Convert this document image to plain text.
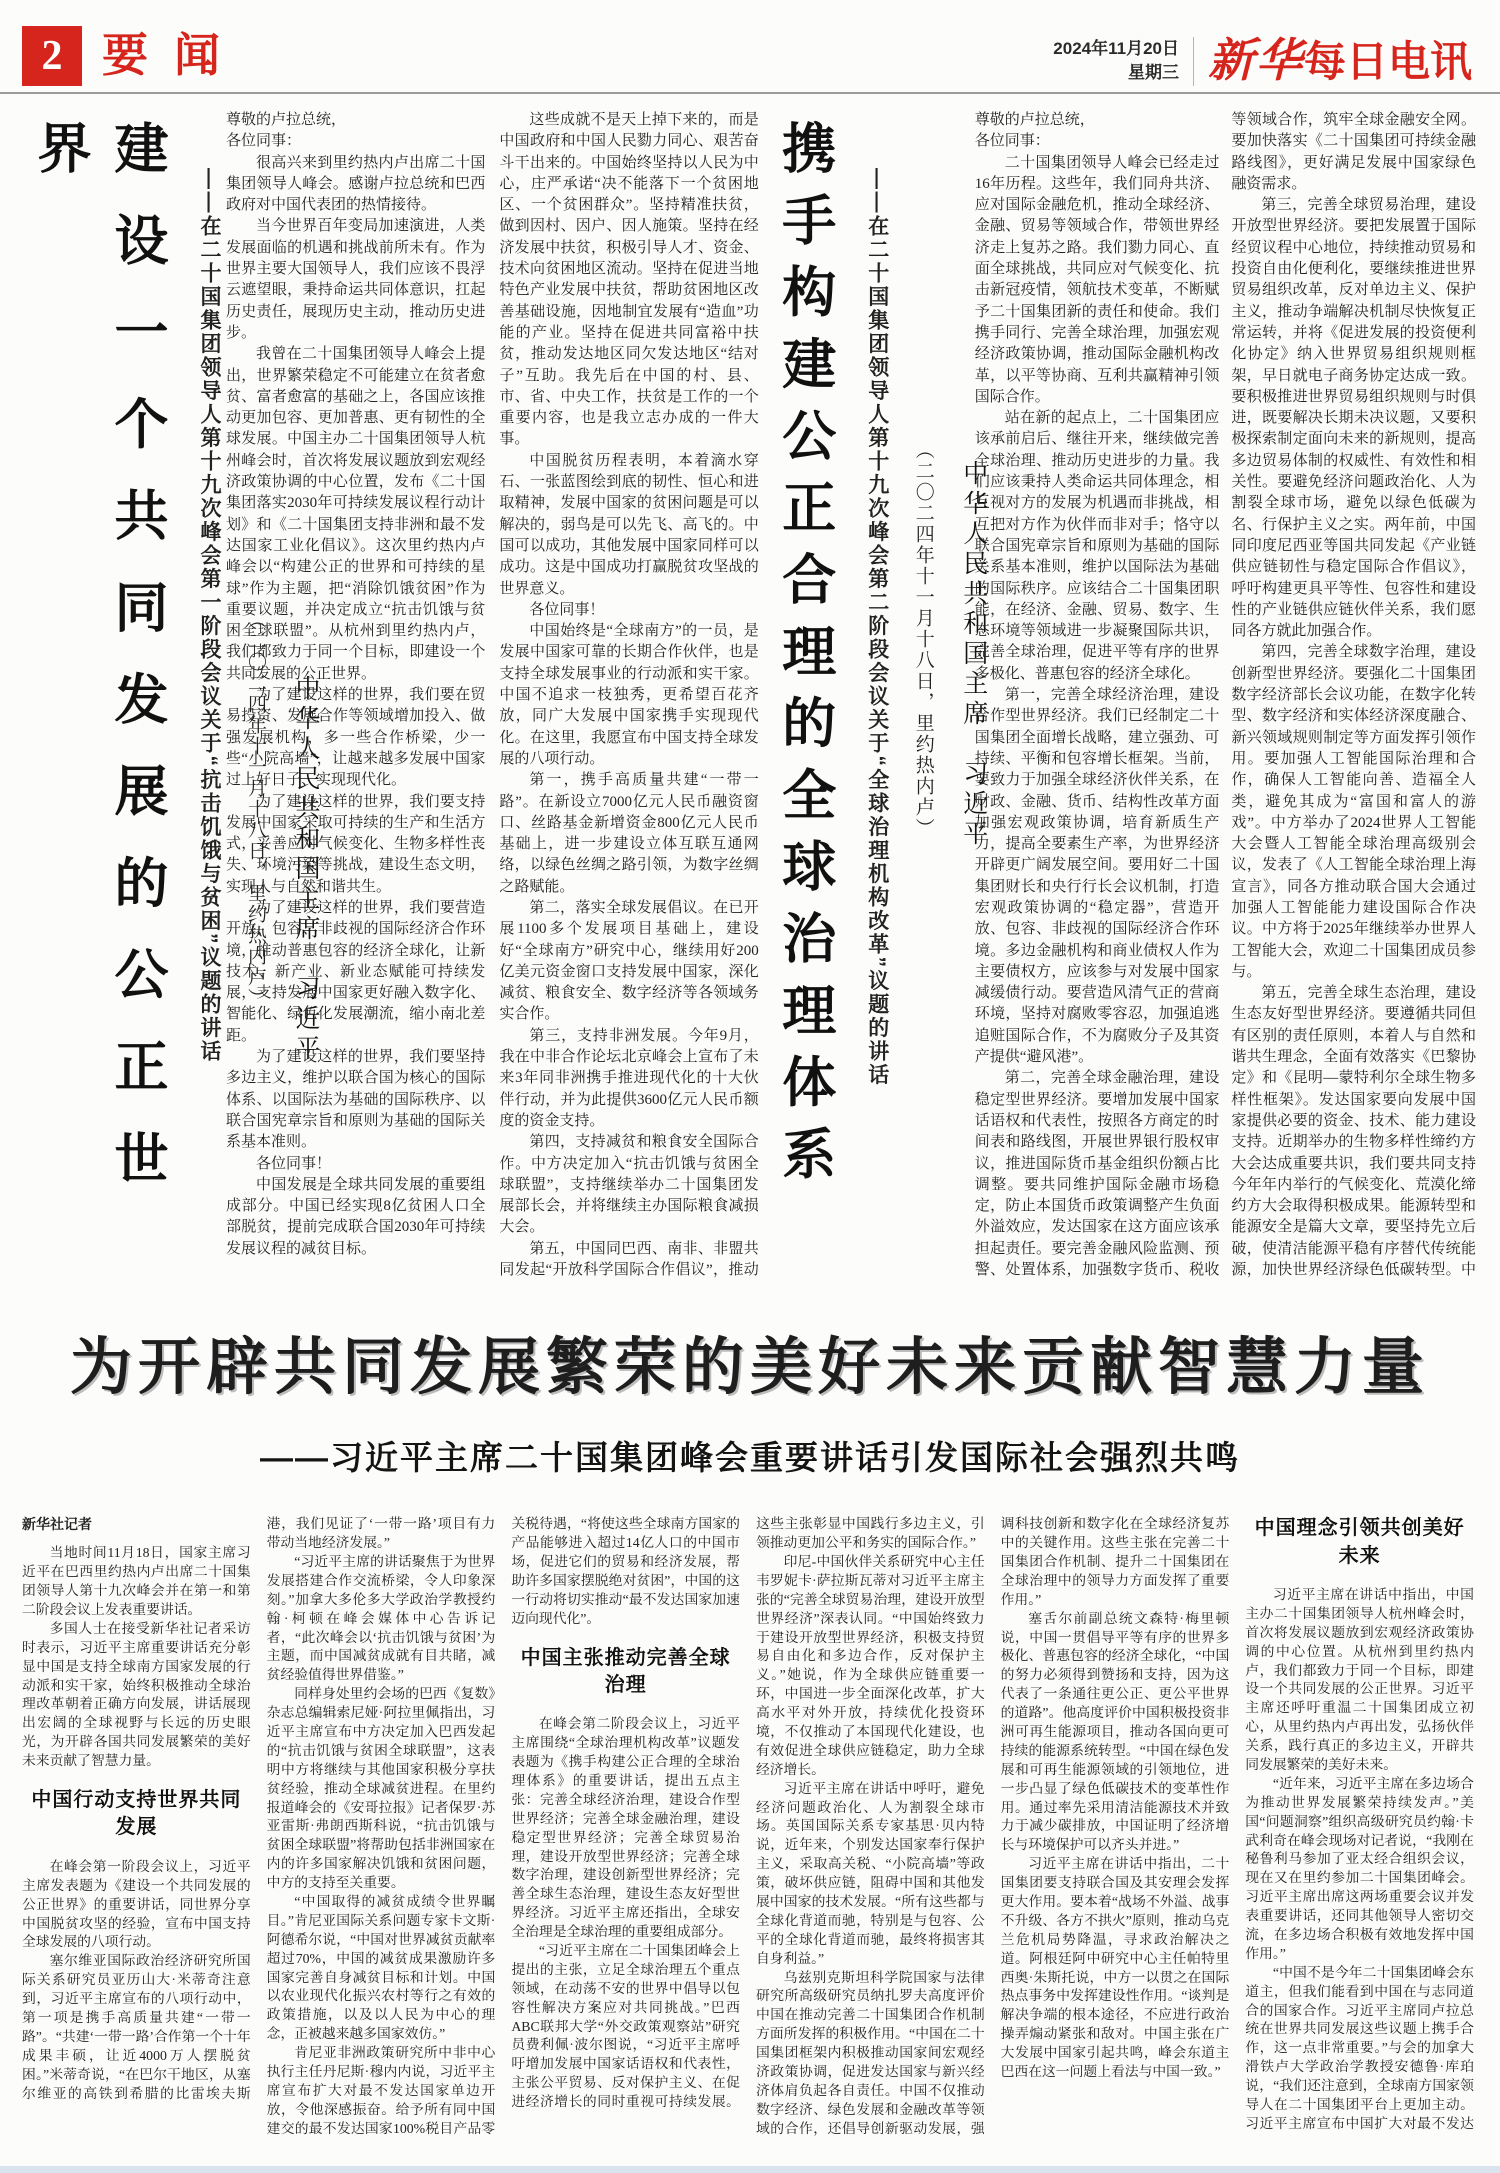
2 要闻	2024年11月20日
星期三 新华每日电讯
建设一个共同发展的公正世界
——在二十国集团领导人第十九次峰会第一阶段会议关于“抗击饥饿与贫困”议题的讲话 （二〇二四年十一月十八日，里约热内卢） 中华人民共和国主席　习近平

尊敬的卢拉总统，

各位同事：

很高兴来到里约热内卢出席二十国集团领导人峰会。感谢卢拉总统和巴西政府对中国代表团的热情接待。

当今世界百年变局加速演进，人类发展面临的机遇和挑战前所未有。作为世界主要大国领导人，我们应该不畏浮云遮望眼，秉持命运共同体意识，扛起历史责任，展现历史主动，推动历史进步。

我曾在二十国集团领导人峰会上提出，世界繁荣稳定不可能建立在贫者愈贫、富者愈富的基础之上，各国应该推动更加包容、更加普惠、更有韧性的全球发展。中国主办二十国集团领导人杭州峰会时，首次将发展议题放到宏观经济政策协调的中心位置，发布《二十国集团落实2030年可持续发展议程行动计划》和《二十国集团支持非洲和最不发达国家工业化倡议》。这次里约热内卢峰会以“构建公正的世界和可持续的星球”作为主题，把“消除饥饿贫困”作为重要议题，并决定成立“抗击饥饿与贫困全球联盟”。从杭州到里约热内卢，我们都致力于同一个目标，即建设一个共同发展的公正世界。

为了建设这样的世界，我们要在贸易投资、发展合作等领域增加投入、做强发展机构，多一些合作桥梁，少一些“小院高墙”，让越来越多发展中国家过上好日子、实现现代化。

为了建设这样的世界，我们要支持发展中国家采取可持续的生产和生活方式，妥善应对气候变化、生物多样性丧失、环境污染等挑战，建设生态文明，实现人与自然和谐共生。

为了建设这样的世界，我们要营造开放、包容、非歧视的国际经济合作环境，推动普惠包容的经济全球化，让新技术、新产业、新业态赋能可持续发展，支持发展中国家更好融入数字化、智能化、绿色化发展潮流，缩小南北差距。

为了建设这样的世界，我们要坚持多边主义，维护以联合国为核心的国际体系、以国际法为基础的国际秩序、以联合国宪章宗旨和原则为基础的国际关系基本准则。

各位同事！

中国发展是全球共同发展的重要组成部分。中国已经实现8亿贫困人口全部脱贫，提前完成联合国2030年可持续发展议程的减贫目标。

这些成就不是天上掉下来的，而是中国政府和中国人民勠力同心、艰苦奋斗干出来的。中国始终坚持以人民为中心，庄严承诺“决不能落下一个贫困地区、一个贫困群众”。坚持精准扶贫，做到因村、因户、因人施策。坚持在经济发展中扶贫，积极引导人才、资金、技术向贫困地区流动。坚持在促进当地特色产业发展中扶贫，帮助贫困地区改善基础设施，因地制宜发展有“造血”功能的产业。坚持在促进共同富裕中扶贫，推动发达地区同欠发达地区“结对子”互助。我先后在中国的村、县、市、省、中央工作，扶贫是工作的一个重要内容，也是我立志办成的一件大事。

中国脱贫历程表明，本着滴水穿石、一张蓝图绘到底的韧性、恒心和进取精神，发展中国家的贫困问题是可以解决的，弱鸟是可以先飞、高飞的。中国可以成功，其他发展中国家同样可以成功。这是中国成功打赢脱贫攻坚战的世界意义。

各位同事！

中国始终是“全球南方”的一员，是发展中国家可靠的长期合作伙伴，也是支持全球发展事业的行动派和实干家。中国不追求一枝独秀，更希望百花齐放，同广大发展中国家携手实现现代化。在这里，我愿宣布中国支持全球发展的八项行动。

第一，携手高质量共建“一带一路”。在新设立7000亿元人民币融资窗口、丝路基金新增资金800亿元人民币基础上，进一步建设立体互联互通网络，以绿色丝绸之路引领，为数字丝绸之路赋能。

第二，落实全球发展倡议。在已开展1100多个发展项目基础上，建设好“全球南方”研究中心，继续用好200亿美元资金窗口支持发展中国家，深化减贫、粮食安全、数字经济等各领域务实合作。

第三，支持非洲发展。今年9月，我在中非合作论坛北京峰会上宣布了未来3年同非洲携手推进现代化的十大伙伴行动，并为此提供3600亿元人民币额度的资金支持。

第四，支持减贫和粮食安全国际合作。中方决定加入“抗击饥饿与贫困全球联盟”，支持继续举办二十国集团发展部长会，并将继续主办国际粮食减损大会。

第五，中国同巴西、南非、非盟共同发起“开放科学国际合作倡议”，推动

携手构建公正合理的全球治理体系	——在二十国集团领导人第十九次峰会第二阶段会议关于“全球治理机构改革”议题的讲话 （二〇二四年十一月十八日，里约热内卢） 中华人民共和国主席　习近平

尊敬的卢拉总统，

各位同事：

二十国集团领导人峰会已经走过16年历程。这些年，我们同舟共济、应对国际金融危机，推动全球经济、金融、贸易等领域合作，带领世界经济走上复苏之路。我们勠力同心、直面全球挑战，共同应对气候变化、抗击新冠疫情，领航技术变革，不断赋予二十国集团新的责任和使命。我们携手同行、完善全球治理，加强宏观经济政策协调，推动国际金融机构改革，以平等协商、互利共赢精神引领国际合作。

站在新的起点上，二十国集团应该承前启后、继往开来，继续做完善全球治理、推动历史进步的力量。我们应该秉持人类命运共同体理念，相互视对方的发展为机遇而非挑战，相互把对方作为伙伴而非对手；恪守以联合国宪章宗旨和原则为基础的国际关系基本准则，维护以国际法为基础的国际秩序。应该结合二十国集团职能，在经济、金融、贸易、数字、生态环境等领域进一步凝聚国际共识，完善全球治理，促进平等有序的世界多极化、普惠包容的经济全球化。

第一，完善全球经济治理，建设合作型世界经济。我们已经制定二十国集团全面增长战略，建立强劲、可持续、平衡和包容增长框架。当前，要致力于加强全球经济伙伴关系，在财政、金融、货币、结构性改革方面加强宏观政策协调，培育新质生产力，提高全要素生产率，为世界经济开辟更广阔发展空间。要用好二十国集团财长和央行行长会议机制，打造宏观政策协调的“稳定器”，营造开放、包容、非歧视的国际经济合作环境。多边金融机构和商业债权人作为主要债权方，应该参与对发展中国家减缓债行动。要营造风清气正的营商环境，坚持对腐败零容忍，加强追逃追赃国际合作，不为腐败分子及其资产提供“避风港”。

第二，完善全球金融治理，建设稳定型世界经济。要增加发展中国家话语权和代表性，按照各方商定的时间表和路线图，开展世界银行股权审议，推进国际货币基金组织份额占比调整。要共同维护国际金融市场稳定，防止本国货币政策调整产生负面外溢效应，发达国家在这方面应该承担起责任。要完善金融风险监测、预警、处置体系，加强数字货币、税收等领域合作，筑牢全球金融安全网。要加快落实《二十国集团可持续金融路线图》，更好满足发展中国家绿色融资需求。

第三，完善全球贸易治理，建设开放型世界经济。要把发展置于国际经贸议程中心地位，持续推动贸易和投资自由化便利化，要继续推进世界贸易组织改革，反对单边主义、保护主义，推动争端解决机制尽快恢复正常运转，并将《促进发展的投资便利化协定》纳入世界贸易组织规则框架，早日就电子商务协定达成一致。要积极推进世界贸易组织规则与时俱进，既要解决长期未决议题，又要积极探索制定面向未来的新规则，提高多边贸易体制的权威性、有效性和相关性。要避免经济问题政治化、人为割裂全球市场，避免以绿色低碳为名、行保护主义之实。两年前，中国同印度尼西亚等国共同发起《产业链供应链韧性与稳定国际合作倡议》，呼吁构建更具平等性、包容性和建设性的产业链供应链伙伴关系，我们愿同各方就此加强合作。

第四，完善全球数字治理，建设创新型世界经济。要强化二十国集团数字经济部长会议功能，在数字化转型、数字经济和实体经济深度融合、新兴领域规则制定等方面发挥引领作用。要加强人工智能国际治理和合作，确保人工智能向善、造福全人类，避免其成为“富国和富人的游戏”。中方举办了2024世界人工智能大会暨人工智能全球治理高级别会议，发表了《人工智能全球治理上海宣言》，同各方推动联合国大会通过加强人工智能能力建设国际合作决议。中方将于2025年继续举办世界人工智能大会，欢迎二十国集团成员参与。

第五，完善全球生态治理，建设生态友好型世界经济。要遵循共同但有区别的责任原则，本着人与自然和谐共生理念，全面有效落实《巴黎协定》和《昆明—蒙特利尔全球生物多样性框架》。发达国家要向发展中国家提供必要的资金、技术、能力建设支持。近期举办的生物多样性缔约方大会达成重要共识，我们要共同支持今年年内举行的气候变化、荒漠化缔约方大会取得积极成果。能源转型和能源安全是篇大文章，要坚持先立后破，使清洁能源平稳有序替代传统能源，加快世界经济绿色低碳转型。中

为开辟共同发展繁荣的美好未来贡献智慧力量
——习近平主席二十国集团峰会重要讲话引发国际社会强烈共鸣

新华社记者

当地时间11月18日，国家主席习近平在巴西里约热内卢出席二十国集团领导人第十九次峰会并在第一和第二阶段会议上发表重要讲话。

多国人士在接受新华社记者采访时表示，习近平主席重要讲话充分彰显中国是支持全球南方国家发展的行动派和实干家，始终积极推动全球治理改革朝着正确方向发展，讲话展现出宏阔的全球视野与长远的历史眼光，为开辟各国共同发展繁荣的美好未来贡献了智慧力量。

中国行动支持世界共同发展

在峰会第一阶段会议上，习近平主席发表题为《建设一个共同发展的公正世界》的重要讲话，同世界分享中国脱贫攻坚的经验，宣布中国支持全球发展的八项行动。

塞尔维亚国际政治经济研究所国际关系研究员亚历山大·米蒂奇注意到，习近平主席宣布的八项行动中，第一项是携手高质量共建“一带一路”。“共建‘一带一路’合作第一个十年成果丰硕，让近4000万人摆脱贫困。”米蒂奇说，“在巴尔干地区，从塞尔维亚的高铁到希腊的比雷埃夫斯港，我们见证了‘一带一路’项目有力带动当地经济发展。”

“习近平主席的讲话聚焦于为世界发展搭建合作交流桥梁，令人印象深刻。”加拿大多伦多大学政治学教授约翰·柯顿在峰会媒体中心告诉记者，“此次峰会以‘抗击饥饿与贫困’为主题，而中国减贫成就有目共睹，减贫经验值得世界借鉴。”

同样身处里约会场的巴西《复数》杂志总编辑索尼娅·阿拉里佩指出，习近平主席宣布中方决定加入巴西发起的“抗击饥饿与贫困全球联盟”，这表明中方将继续与其他国家积极分享扶贫经验，推动全球减贫进程。在里约报道峰会的《安哥拉报》记者保罗·苏亚雷斯·弗朗西斯科说，“抗击饥饿与贫困全球联盟”将帮助包括非洲国家在内的许多国家解决饥饿和贫困问题，中方的支持至关重要。

“中国取得的减贫成绩令世界瞩目。”肯尼亚国际关系问题专家卡文斯·阿德希尔说，“中国对世界减贫贡献率超过70%，中国的减贫成果激励许多国家完善自身减贫目标和计划。中国以农业现代化振兴农村等行之有效的政策措施，以及以人民为中心的理念，正被越来越多国家效仿。”

肯尼亚非洲政策研究所中非中心执行主任丹尼斯·穆内内说，习近平主席宣布扩大对最不发达国家单边开放，令他深感振奋。给予所有同中国建交的最不发达国家100%税目产品零关税待遇，“将使这些全球南方国家的产品能够进入超过14亿人口的中国市场，促进它们的贸易和经济发展，帮助许多国家摆脱绝对贫困”，中国的这一行动将切实推动“最不发达国家加速迈向现代化”。

中国主张推动完善全球治理

在峰会第二阶段会议上，习近平主席围绕“全球治理机构改革”议题发表题为《携手构建公正合理的全球治理体系》的重要讲话，提出五点主张：完善全球经济治理，建设合作型世界经济；完善全球金融治理，建设稳定型世界经济；完善全球贸易治理，建设开放型世界经济；完善全球数字治理，建设创新型世界经济；完善全球生态治理，建设生态友好型世界经济。习近平主席还指出，全球安全治理是全球治理的重要组成部分。

“习近平主席在二十国集团峰会上提出的主张，立足全球治理五个重点领域，在动荡不安的世界中倡导以包容性解决方案应对共同挑战。”巴西ABC联邦大学“外交政策观察站”研究员费利佩·波尔图说，“习近平主席呼吁增加发展中国家话语权和代表性，主张公平贸易、反对保护主义、在促进经济增长的同时重视可持续发展。这些主张彰显中国践行多边主义，引领推动更加公平和务实的国际合作。”

印尼-中国伙伴关系研究中心主任韦罗妮卡·萨拉斯瓦蒂对习近平主席主张的“完善全球贸易治理，建设开放型世界经济”深表认同。“中国始终致力于建设开放型世界经济，积极支持贸易自由化和多边合作，反对保护主义。”她说，作为全球供应链重要一环，中国进一步全面深化改革，扩大高水平对外开放，持续优化投资环境，不仅推动了本国现代化建设，也有效促进全球供应链稳定，助力全球经济增长。

习近平主席在讲话中呼吁，避免经济问题政治化、人为割裂全球市场。英国国际关系专家基思·贝内特说，近年来，个别发达国家奉行保护主义，采取高关税、“小院高墙”等政策，破坏供应链，阻碍中国和其他发展中国家的技术发展。“所有这些都与全球化背道而驰，特别是与包容、公平的全球化背道而驰，最终将损害其自身利益。”

乌兹别克斯坦科学院国家与法律研究所高级研究员纳扎罗夫高度评价中国在推动完善二十国集团合作机制方面所发挥的积极作用。“中国在二十国集团框架内积极推动国家间宏观经济政策协调，促进发达国家与新兴经济体肩负起各自责任。中国不仅推动数字经济、绿色发展和金融改革等领域的合作，还倡导创新驱动发展，强调科技创新和数字化在全球经济复苏中的关键作用。这些主张在完善二十国集团合作机制、提升二十国集团在全球治理中的领导力方面发挥了重要作用。”

塞舌尔前副总统文森特·梅里顿说，中国一贯倡导平等有序的世界多极化、普惠包容的经济全球化，“中国的努力必须得到赞扬和支持，因为这代表了一条通往更公正、更公平世界的道路”。他高度评价中国积极投资非洲可再生能源项目，推动各国向更可持续的能源系统转型。“中国在绿色发展和可再生能源领域的引领地位，进一步凸显了绿色低碳技术的变革性作用。通过率先采用清洁能源技术并致力于减少碳排放，中国证明了经济增长与环境保护可以齐头并进。”

习近平主席在讲话中指出，二十国集团要支持联合国及其安理会发挥更大作用。要本着“战场不外溢、战事不升级、各方不拱火”原则，推动乌克兰危机局势降温，寻求政治解决之道。阿根廷阿中研究中心主任帕特里西奥·朱斯托说，中方一以贯之在国际热点事务中发挥建设性作用。“谈判是解决争端的根本途径，不应进行政治操弄煽动紧张和敌对。中国主张在广大发展中国家引起共鸣，峰会东道主巴西在这一问题上看法与中国一致。”

中国理念引领共创美好未来

习近平主席在讲话中指出，中国主办二十国集团领导人杭州峰会时，首次将发展议题放到宏观经济政策协调的中心位置。从杭州到里约热内卢，我们都致力于同一个目标，即建设一个共同发展的公正世界。习近平主席还呼吁重温二十国集团成立初心，从里约热内卢再出发，弘扬伙伴关系，践行真正的多边主义，开辟共同发展繁荣的美好未来。

“近年来，习近平主席在多边场合为推动世界发展繁荣持续发声。”美国“问题洞察”组织高级研究员约翰·卡武利奇在峰会现场对记者说，“我刚在秘鲁利马参加了亚太经合组织会议，现在又在里约参加二十国集团峰会。习近平主席出席这两场重要会议并发表重要讲话，还同其他领导人密切交流，在多边场合积极有效地发挥中国作用。”

“中国不是今年二十国集团峰会东道主，但我们能看到中国在与志同道合的国家合作。习近平主席同卢拉总统在世界共同发展这些议题上携手合作，这一点非常重要。”与会的加拿大滑铁卢大学政治学教授安德鲁·库珀说，“我们还注意到，全球南方国家领导人在二十国集团平台上更加主动。习近平主席宣布中国扩大对最不发达
